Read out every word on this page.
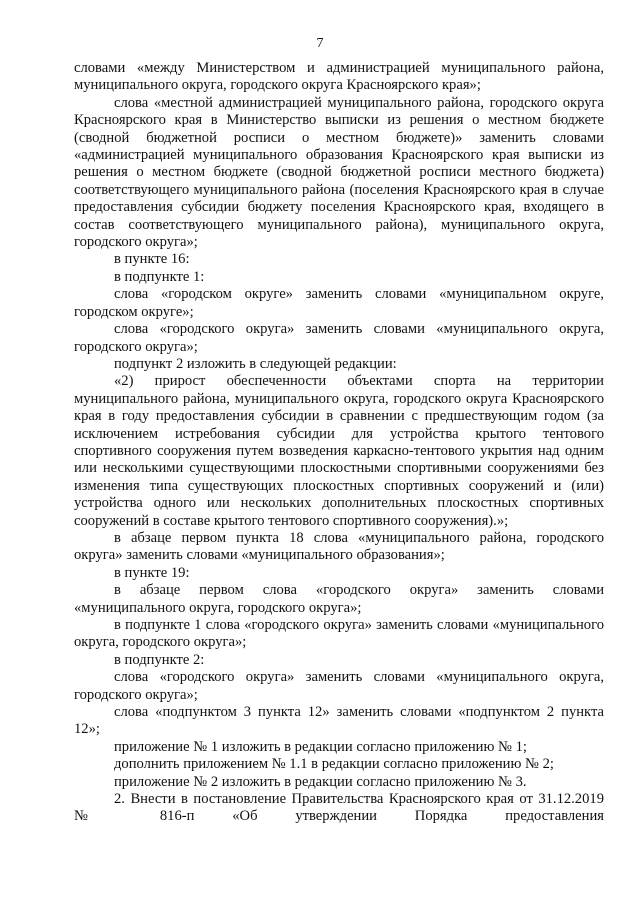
7

словами «между Министерством и администрацией муниципального района, муниципального округа, городского округа Красноярского края»;

слова «местной администрацией муниципального района, городского округа Красноярского края в Министерство выписки из решения о местном бюджете (сводной бюджетной росписи о местном бюджете)» заменить словами «администрацией муниципального образования Красноярского края выписки из решения о местном бюджете (сводной бюджетной росписи местного бюджета) соответствующего муниципального района (поселения Красноярского края в случае предоставления субсидии бюджету поселения Красноярского края, входящего в состав соответствующего муниципального района), муниципального округа, городского округа»;

в пункте 16:

в подпункте 1:

слова «городском округе» заменить словами «муниципальном округе, городском округе»;

слова «городского округа» заменить словами «муниципального округа, городского округа»;

подпункт 2 изложить в следующей редакции:

«2) прирост обеспеченности объектами спорта на территории муниципального района, муниципального округа, городского округа Красноярского края в году предоставления субсидии в сравнении с предшествующим годом (за исключением истребования субсидии для устройства крытого тентового спортивного сооружения путем возведения каркасно-тентового укрытия над одним или несколькими существующими плоскостными спортивными сооружениями без изменения типа существующих плоскостных спортивных сооружений и (или) устройства одного или нескольких дополнительных плоскостных спортивных сооружений в составе крытого тентового спортивного сооружения).»;

в абзаце первом пункта 18 слова «муниципального района, городского округа» заменить словами «муниципального образования»;

в пункте 19:

в абзаце первом слова «городского округа» заменить словами «муниципального округа, городского округа»;

в подпункте 1 слова «городского округа» заменить словами «муниципального округа, городского округа»;

в подпункте 2:

слова «городского округа» заменить словами «муниципального округа, городского округа»;

слова «подпунктом 3 пункта 12» заменить словами «подпунктом 2 пункта 12»;

приложение № 1 изложить в редакции согласно приложению № 1;

дополнить приложением № 1.1 в редакции согласно приложению № 2;

приложение № 2 изложить в редакции согласно приложению № 3.

2. Внести в постановление Правительства Красноярского края от 31.12.2019 № 816-п «Об утверждении Порядка предоставления
